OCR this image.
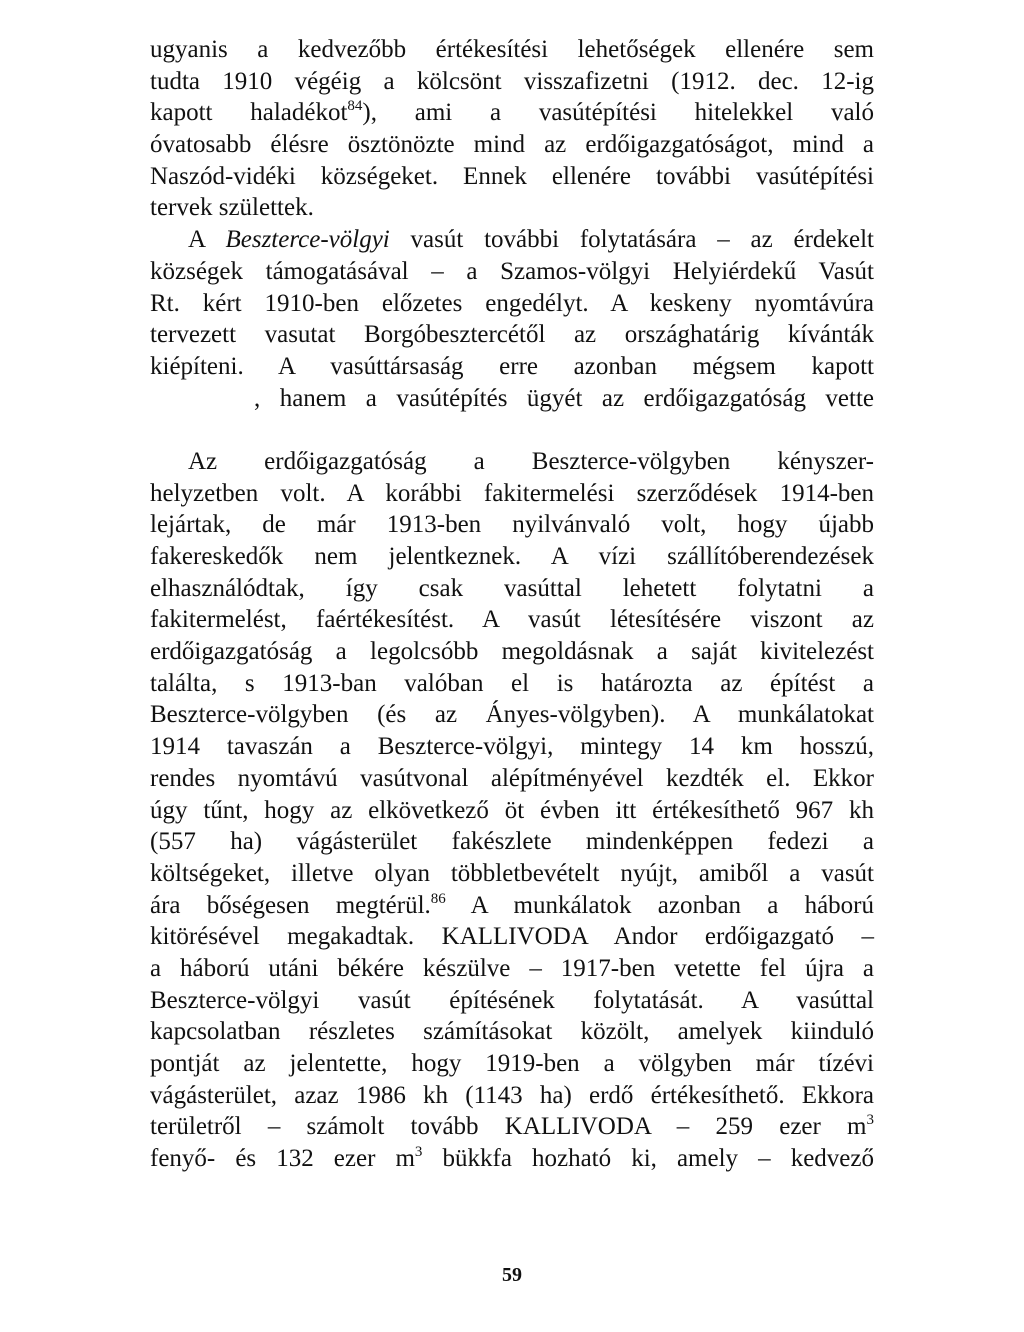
ugyanis a kedvezőbb értékesítési lehetőségek ellenére sem
tudta 1910 végéig a kölcsönt visszafizetni (1912. dec. 12-ig
kapott haladékot$^{84}$), ami a vasútépítési hitelekkel való
óvatosabb élésre ösztönözte mind az erdőigazgatóságot, mind a
Naszód-vidéki községeket. Ennek ellenére további vasútépítési
tervek születtek.
A Beszterce-völgyi vasút további folytatására – az érdekelt
községek támogatásával – a Szamos-völgyi Helyiérdekű Vasút
Rt. kért 1910-ben előzetes engedélyt. A keskeny nyomtávúra
tervezett vasutat Borgóbesztercétől az országhatárig kívánták
kiépíteni. A vasúttársaság erre azonban mégsem kapott
, hanem a vasútépítés ügyét az erdőigazgatóság vette
Az erdőigazgatóság a Beszterce-völgyben kényszer-
helyzetben volt. A korábbi fakitermelési szerződések 1914-ben
lejártak, de már 1913-ben nyilvánvaló volt, hogy újabb
fakereskedők nem jelentkeznek. A vízi szállítóberendezések
elhasználódtak, így csak vasúttal lehetett folytatni a
fakitermelést, faértékesítést. A vasút létesítésére viszont az
erdőigazgatóság a legolcsóbb megoldásnak a saját kivitelezést
találta, s 1913-ban valóban el is határozta az építést a
Beszterce-völgyben (és az Ányes-völgyben). A munkálatokat
1914 tavaszán a Beszterce-völgyi, mintegy 14 km hosszú,
rendes nyomtávú vasútvonal alépítményével kezdték el. Ekkor
úgy tűnt, hogy az elkövetkező öt évben itt értékesíthető 967 kh
(557 ha) vágásterület fakészlete mindenképpen fedezi a
költségeket, illetve olyan többletbevételt nyújt, amiből a vasút
ára bőségesen megtérül.$^{86}$ A munkálatok azonban a háború
kitörésével megakadtak. KALLIVODA Andor erdőigazgató –
a háború utáni békére készülve – 1917-ben vetette fel újra a
Beszterce-völgyi vasút építésének folytatását. A vasúttal
kapcsolatban részletes számításokat közölt, amelyek kiinduló
pontját az jelentette, hogy 1919-ben a völgyben már tízévi
vágásterület, azaz 1986 kh (1143 ha) erdő értékesíthető. Ekkora
területről – számolt tovább KALLIVODA – 259 ezer $m^3$
fenyő- és 132 ezer $m^3$ bükkfa hozható ki, amely – kedvező
59
